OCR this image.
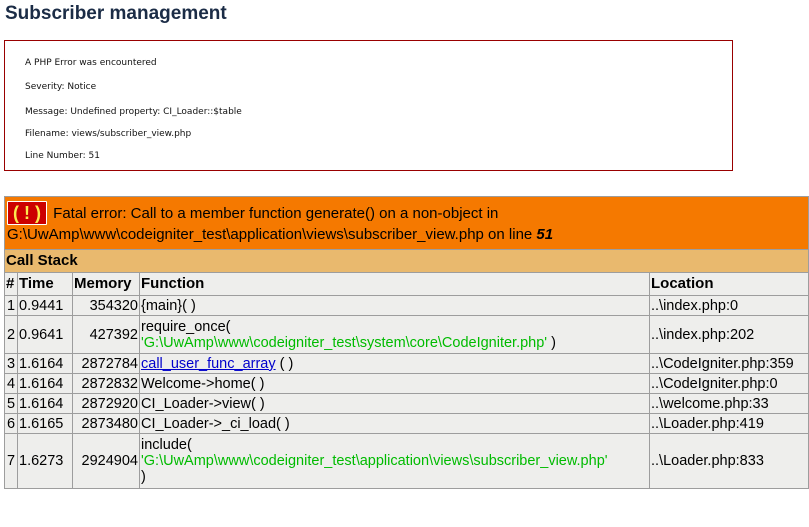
Subscriber management

A PHP Error was encountered

Severity: Notice

Message: Undefined property: CI_Loader::$table

Filename: views/subscriber_view.php

Line Number: 51

( ! ) Fatal error: Call to a member function generate() on a non-object in G:\UwAmp\www\codeigniter_test\application\views\subscriber_view.php on line 51				
Call Stack				
#	Time	Memory	Function	Location
1	0.9441	354320	{main}( )	..\index.php:0
2	0.9641	427392	require_once(
'G:\UwAmp\www\codeigniter_test\system\core\CodeIgniter.php' )	..\index.php:202
3	1.6164	2872784	call_user_func_array ( )	..\CodeIgniter.php:359
4	1.6164	2872832	Welcome->home( )	..\CodeIgniter.php:0
5	1.6164	2872920	CI_Loader->view( )	..\welcome.php:33
6	1.6165	2873480	CI_Loader->_ci_load( )	..\Loader.php:419
7	1.6273	2924904	include(
'G:\UwAmp\www\codeigniter_test\application\views\subscriber_view.php'
)	..\Loader.php:833
